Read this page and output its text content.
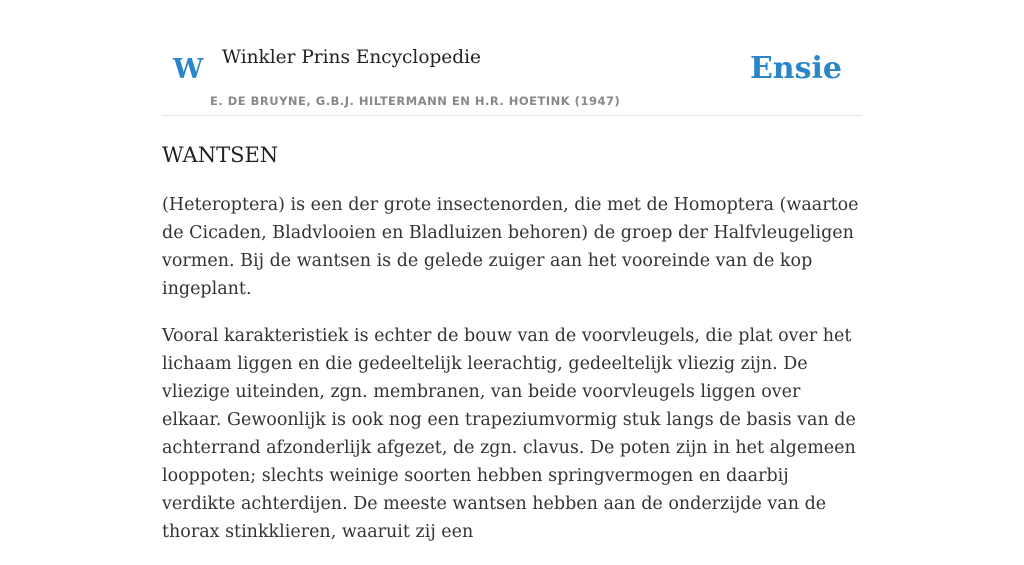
W Winkler Prins Encyclopedie
E. DE BRUYNE, G.B.J. HILTERMANN EN H.R. HOETINK (1947)
Ensie
WANTSEN

(Heteroptera) is een der grote insectenorden, die met de Homoptera (waartoe de Cicaden, Bladvlooien en Bladluizen behoren) de groep der Halfvleugeligen vormen. Bij de wantsen is de gelede zuiger aan het vooreinde van de kop ingeplant.

Vooral karakteristiek is echter de bouw van de voorvleugels, die plat over het lichaam liggen en die gedeeltelijk leerachtig, gedeeltelijk vliezig zijn. De vliezige uiteinden, zgn. membranen, van beide voorvleugels liggen over elkaar. Gewoonlijk is ook nog een trapeziumvormig stuk langs de basis van de achterrand afzonderlijk afgezet, de zgn. clavus. De poten zijn in het algemeen looppoten; slechts weinige soorten hebben springvermogen en daarbij verdikte achterdijen. De meeste wantsen hebben aan de onderzijde van de thorax stinkklieren, waaruit zij een
